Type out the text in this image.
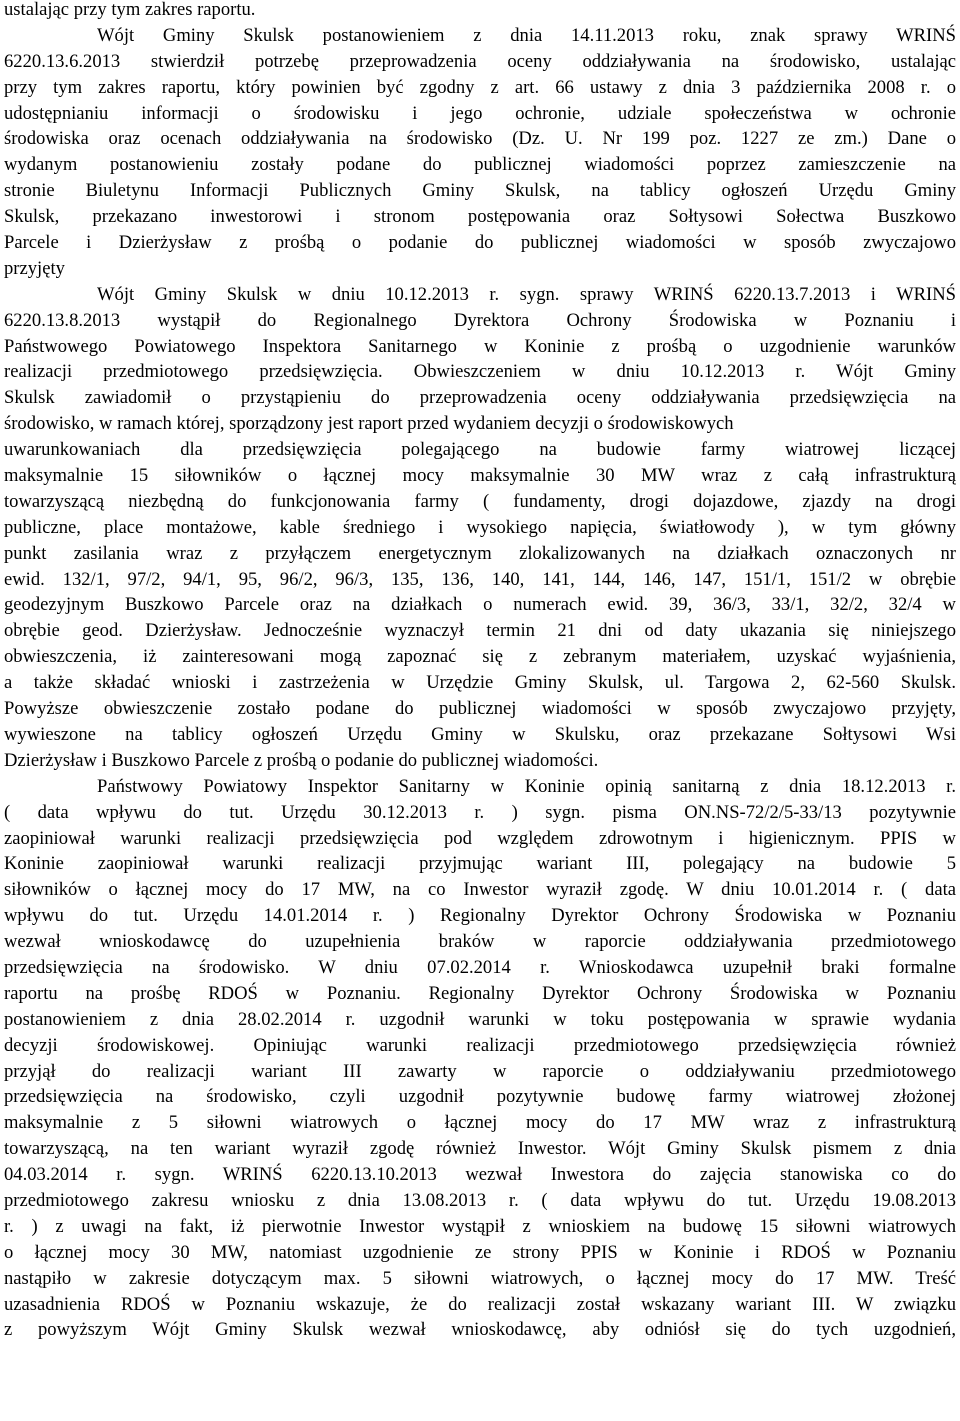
ustalając przy tym zakres raportu.
Wójt Gminy Skulsk postanowieniem z dnia 14.11.2013 roku, znak sprawy WRINŚ
6220.13.6.2013 stwierdził potrzebę przeprowadzenia oceny oddziaływania na środowisko, ustalając
przy tym zakres raportu, który powinien być zgodny z art. 66 ustawy z dnia 3 października 2008 r. o
udostępnianiu informacji o środowisku i jego ochronie, udziale społeczeństwa w ochronie
środowiska oraz ocenach oddziaływania na środowisko (Dz. U. Nr 199 poz. 1227 ze zm.) Dane o
wydanym postanowieniu zostały podane do publicznej wiadomości poprzez zamieszczenie na
stronie Biuletynu Informacji Publicznych Gminy Skulsk, na tablicy ogłoszeń Urzędu Gminy
Skulsk, przekazano inwestorowi i stronom postępowania oraz Sołtysowi Sołectwa Buszkowo
Parcele i Dzierżysław z prośbą o podanie do publicznej wiadomości w sposób zwyczajowo
przyjęty
Wójt Gminy Skulsk w dniu 10.12.2013 r. sygn. sprawy WRINŚ 6220.13.7.2013 i WRINŚ
6220.13.8.2013 wystąpił do Regionalnego Dyrektora Ochrony Środowiska w Poznaniu i
Państwowego Powiatowego Inspektora Sanitarnego w Koninie z prośbą o uzgodnienie warunków
realizacji przedmiotowego przedsięwzięcia. Obwieszczeniem w dniu 10.12.2013 r. Wójt Gminy
Skulsk zawiadomił o przystąpieniu do przeprowadzenia oceny oddziaływania przedsięwzięcia na
środowisko, w ramach której, sporządzony jest raport przed wydaniem decyzji o środowiskowych
uwarunkowaniach dla przedsięwzięcia polegającego na budowie farmy wiatrowej liczącej
maksymalnie 15 siłowników o łącznej mocy maksymalnie 30 MW wraz z całą infrastrukturą
towarzyszącą niezbędną do funkcjonowania farmy ( fundamenty, drogi dojazdowe, zjazdy na drogi
publiczne, place montażowe, kable średniego i wysokiego napięcia, światłowody ), w tym główny
punkt zasilania wraz z przyłączem energetycznym zlokalizowanych na działkach oznaczonych nr
ewid. 132/1, 97/2, 94/1, 95, 96/2, 96/3, 135, 136, 140, 141, 144, 146, 147, 151/1, 151/2 w obrębie
geodezyjnym Buszkowo Parcele oraz na działkach o numerach ewid. 39, 36/3, 33/1, 32/2, 32/4 w
obrębie geod. Dzierżysław. Jednocześnie wyznaczył termin 21 dni od daty ukazania się niniejszego
obwieszczenia, iż zainteresowani mogą zapoznać się z zebranym materiałem, uzyskać wyjaśnienia,
a także składać wnioski i zastrzeżenia w Urzędzie Gminy Skulsk, ul. Targowa 2, 62-560 Skulsk.
Powyższe obwieszczenie zostało podane do publicznej wiadomości w sposób zwyczajowo przyjęty,
wywieszone na tablicy ogłoszeń Urzędu Gminy w Skulsku, oraz przekazane Sołtysowi Wsi
Dzierżysław i Buszkowo Parcele z prośbą o podanie do publicznej wiadomości.
Państwowy Powiatowy Inspektor Sanitarny w Koninie opinią sanitarną z dnia 18.12.2013 r.
( data wpływu do tut. Urzędu 30.12.2013 r. ) sygn. pisma ON.NS-72/2/5-33/13 pozytywnie
zaopiniował warunki realizacji przedsięwzięcia pod względem zdrowotnym i higienicznym. PPIS w
Koninie zaopiniował warunki realizacji przyjmując wariant III, polegający na budowie 5
siłowników o łącznej mocy do 17 MW, na co Inwestor wyraził zgodę. W dniu 10.01.2014 r. ( data
wpływu do tut. Urzędu 14.01.2014 r. ) Regionalny Dyrektor Ochrony Środowiska w Poznaniu
wezwał wnioskodawcę do uzupełnienia braków w raporcie oddziaływania przedmiotowego
przedsięwzięcia na środowisko. W dniu 07.02.2014 r. Wnioskodawca uzupełnił braki formalne
raportu na prośbę RDOŚ w Poznaniu. Regionalny Dyrektor Ochrony Środowiska w Poznaniu
postanowieniem z dnia 28.02.2014 r. uzgodnił warunki w toku postępowania w sprawie wydania
decyzji środowiskowej. Opiniując warunki realizacji przedmiotowego przedsięwzięcia również
przyjął do realizacji wariant III zawarty w raporcie o oddziaływaniu przedmiotowego
przedsięwzięcia na środowisko, czyli uzgodnił pozytywnie budowę farmy wiatrowej złożonej
maksymalnie z 5 siłowni wiatrowych o łącznej mocy do 17 MW wraz z infrastrukturą
towarzyszącą, na ten wariant wyraził zgodę również Inwestor. Wójt Gminy Skulsk pismem z dnia
04.03.2014 r. sygn. WRINŚ 6220.13.10.2013 wezwał Inwestora do zajęcia stanowiska co do
przedmiotowego zakresu wniosku z dnia 13.08.2013 r. ( data wpływu do tut. Urzędu 19.08.2013
r. ) z uwagi na fakt, iż pierwotnie Inwestor wystąpił z wnioskiem na budowę 15 siłowni wiatrowych
o łącznej mocy 30 MW, natomiast uzgodnienie ze strony PPIS w Koninie i RDOŚ w Poznaniu
nastąpiło w zakresie dotyczącym max. 5 siłowni wiatrowych, o łącznej mocy do 17 MW. Treść
uzasadnienia RDOŚ w Poznaniu wskazuje, że do realizacji został wskazany wariant III. W związku
z powyższym Wójt Gminy Skulsk wezwał wnioskodawcę, aby odniósł się do tych uzgodnień,
